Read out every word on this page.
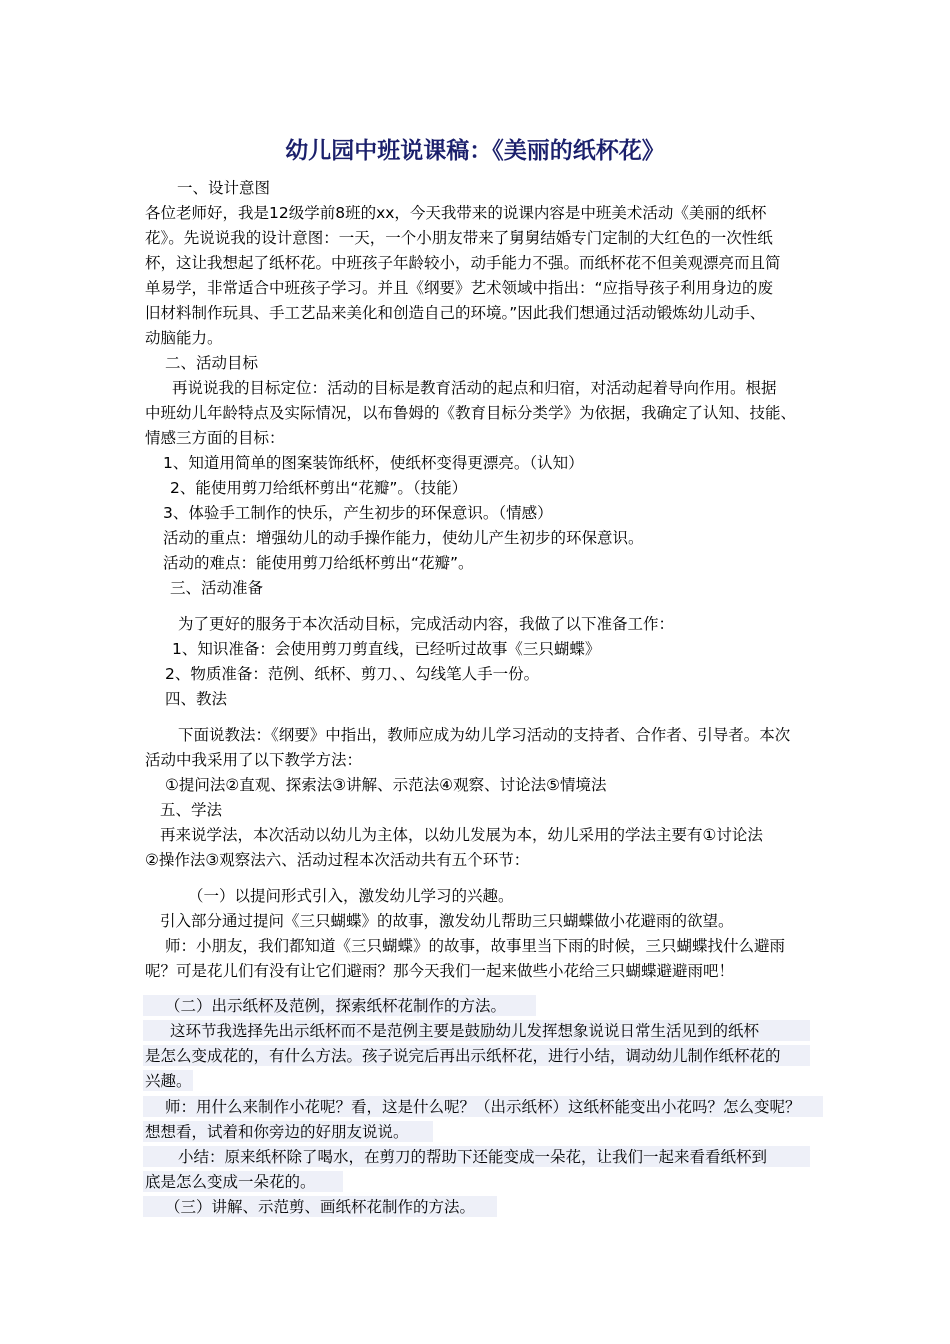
幼儿园中班说课稿：《美丽的纸杯花》
一、设计意图
各位老师好，我是12级学前8班的xx，今天我带来的说课内容是中班美术活动《美丽的纸杯
花》。先说说我的设计意图：一天，一个小朋友带来了舅舅结婚专门定制的大红色的一次性纸
杯，这让我想起了纸杯花。中班孩子年龄较小，动手能力不强。而纸杯花不但美观漂亮而且简
单易学，非常适合中班孩子学习。并且《纲要》艺术领域中指出：“应指导孩子利用身边的废
旧材料制作玩具、手工艺品来美化和创造自己的环境。”因此我们想通过活动锻炼幼儿动手、
动脑能力。
二、活动目标
再说说我的目标定位：活动的目标是教育活动的起点和归宿，对活动起着导向作用。根据
中班幼儿年龄特点及实际情况，以布鲁姆的《教育目标分类学》为依据，我确定了认知、技能、
情感三方面的目标：
1、知道用简单的图案装饰纸杯，使纸杯变得更漂亮。（认知）
2、能使用剪刀给纸杯剪出“花瓣”。（技能）
3、体验手工制作的快乐，产生初步的环保意识。（情感）
活动的重点：增强幼儿的动手操作能力，使幼儿产生初步的环保意识。
活动的难点：能使用剪刀给纸杯剪出“花瓣”。
三、活动准备
为了更好的服务于本次活动目标，完成活动内容，我做了以下准备工作：
1、知识准备：会使用剪刀剪直线，已经听过故事《三只蝴蝶》
2、物质准备：范例、纸杯、剪刀、、勾线笔人手一份。
四、教法
下面说教法：《纲要》中指出，教师应成为幼儿学习活动的支持者、合作者、引导者。本次
活动中我采用了以下教学方法：
①提问法②直观、探索法③讲解、示范法④观察、讨论法⑤情境法
五、学法
再来说学法，本次活动以幼儿为主体，以幼儿发展为本，幼儿采用的学法主要有①讨论法
②操作法③观察法六、活动过程本次活动共有五个环节：
（一）以提问形式引入，激发幼儿学习的兴趣。
引入部分通过提问《三只蝴蝶》的故事，激发幼儿帮助三只蝴蝶做小花避雨的欲望。
师：小朋友，我们都知道《三只蝴蝶》的故事，故事里当下雨的时候，三只蝴蝶找什么避雨
呢？可是花儿们有没有让它们避雨？那今天我们一起来做些小花给三只蝴蝶避避雨吧！
（二）出示纸杯及范例，探索纸杯花制作的方法。
这环节我选择先出示纸杯而不是范例主要是鼓励幼儿发挥想象说说日常生活见到的纸杯
是怎么变成花的，有什么方法。孩子说完后再出示纸杯花，进行小结，调动幼儿制作纸杯花的
兴趣。
师：用什么来制作小花呢？看，这是什么呢？（出示纸杯）这纸杯能变出小花吗？怎么变呢？
想想看，试着和你旁边的好朋友说说。
小结：原来纸杯除了喝水，在剪刀的帮助下还能变成一朵花，让我们一起来看看纸杯到
底是怎么变成一朵花的。
（三）讲解、示范剪、画纸杯花制作的方法。
